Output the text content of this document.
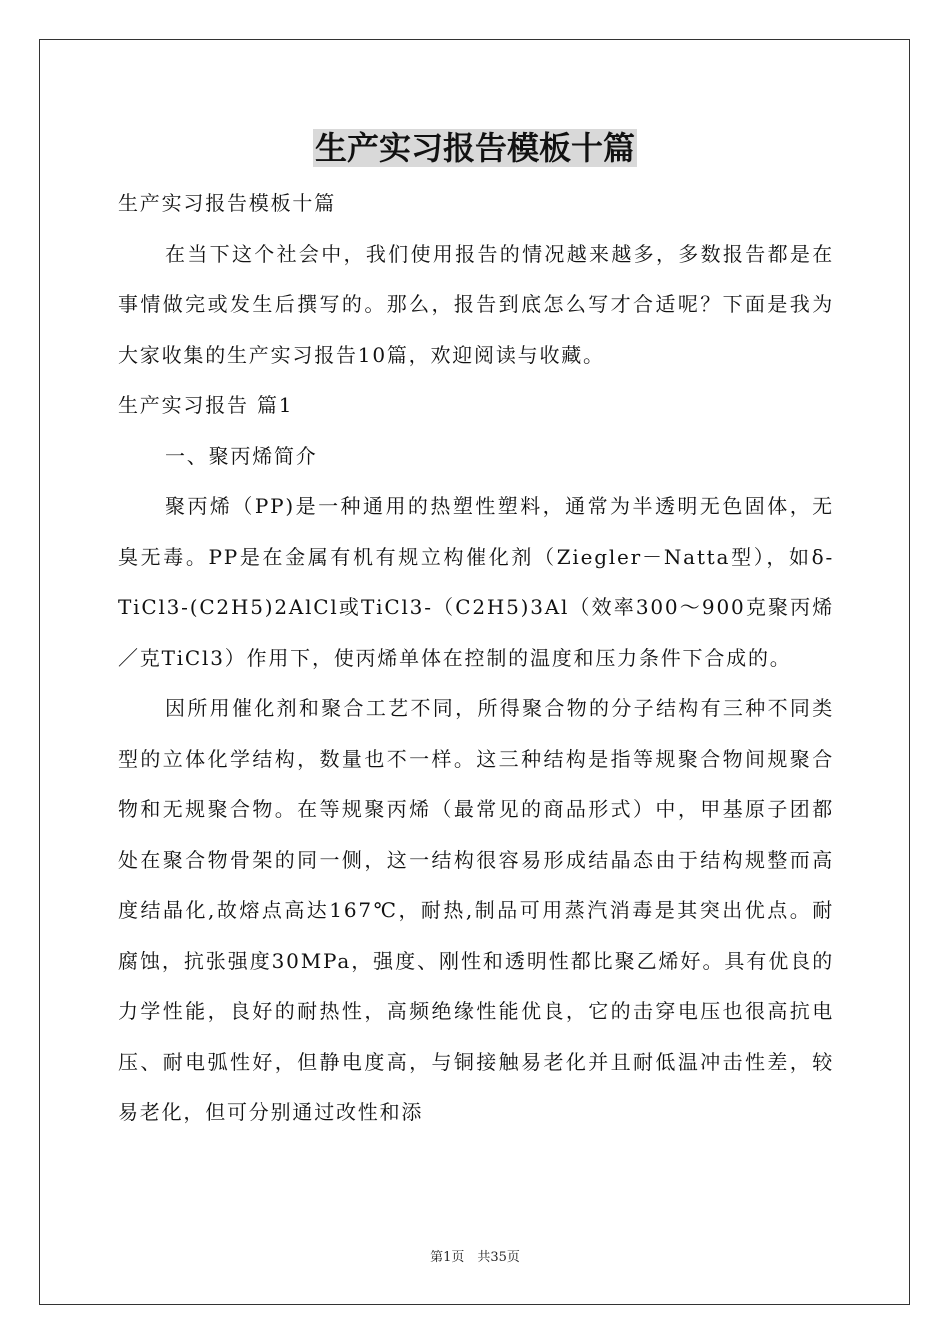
生产实习报告模板十篇

生产实习报告模板十篇

在当下这个社会中，我们使用报告的情况越来越多，多数报告都是在事情做完或发生后撰写的。那么，报告到底怎么写才合适呢？下面是我为大家收集的生产实习报告10篇，欢迎阅读与收藏。

生产实习报告 篇1

一、聚丙烯简介

聚丙烯（PP)是一种通用的热塑性塑料，通常为半透明无色固体，无臭无毒。PP是在金属有机有规立构催化剂（Ziegler－Natta型），如δ-TiCl3-(C2H5)2AlCl或TiCl3-（C2H5)3Al（效率300～900克聚丙烯／克TiCl3）作用下，使丙烯单体在控制的温度和压力条件下合成的。

因所用催化剂和聚合工艺不同，所得聚合物的分子结构有三种不同类型的立体化学结构，数量也不一样。这三种结构是指等规聚合物间规聚合物和无规聚合物。在等规聚丙烯（最常见的商品形式）中，甲基原子团都处在聚合物骨架的同一侧，这一结构很容易形成结晶态由于结构规整而高度结晶化,故熔点高达167℃，耐热,制品可用蒸汽消毒是其突出优点。耐腐蚀，抗张强度30MPa，强度、刚性和透明性都比聚乙烯好。具有优良的力学性能，良好的耐热性，高频绝缘性能优良，它的击穿电压也很高抗电压、耐电弧性好，但静电度高，与铜接触易老化并且耐低温冲击性差，较易老化，但可分别通过改性和添

第1页　共35页
